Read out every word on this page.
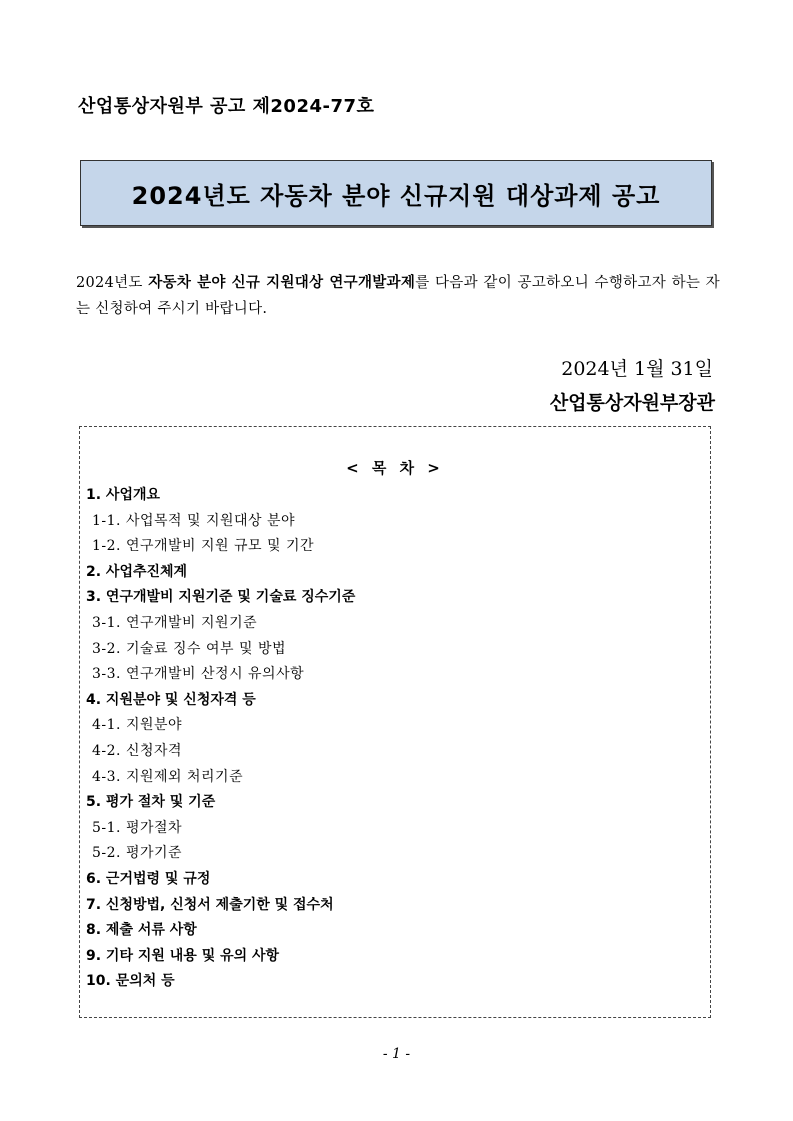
산업통상자원부 공고 제2024-77호
2024년도 자동차 분야 신규지원 대상과제 공고
2024년도 자동차 분야 신규 지원대상 연구개발과제를 다음과 같이 공고하오니 수행하고자 하는 자는 신청하여 주시기 바랍니다.
2024년 1월 31일
산업통상자원부장관
< 목 차 >
1. 사업개요
1-1. 사업목적 및 지원대상 분야
1-2. 연구개발비 지원 규모 및 기간
2. 사업추진체계
3. 연구개발비 지원기준 및 기술료 징수기준
3-1. 연구개발비 지원기준
3-2. 기술료 징수 여부 및 방법
3-3. 연구개발비 산정시 유의사항
4. 지원분야 및 신청자격 등
4-1. 지원분야
4-2. 신청자격
4-3. 지원제외 처리기준
5. 평가 절차 및 기준
5-1. 평가절차
5-2. 평가기준
6. 근거법령 및 규정
7. 신청방법, 신청서 제출기한 및 접수처
8. 제출 서류 사항
9. 기타 지원 내용 및 유의 사항
10. 문의처 등
- 1 -
